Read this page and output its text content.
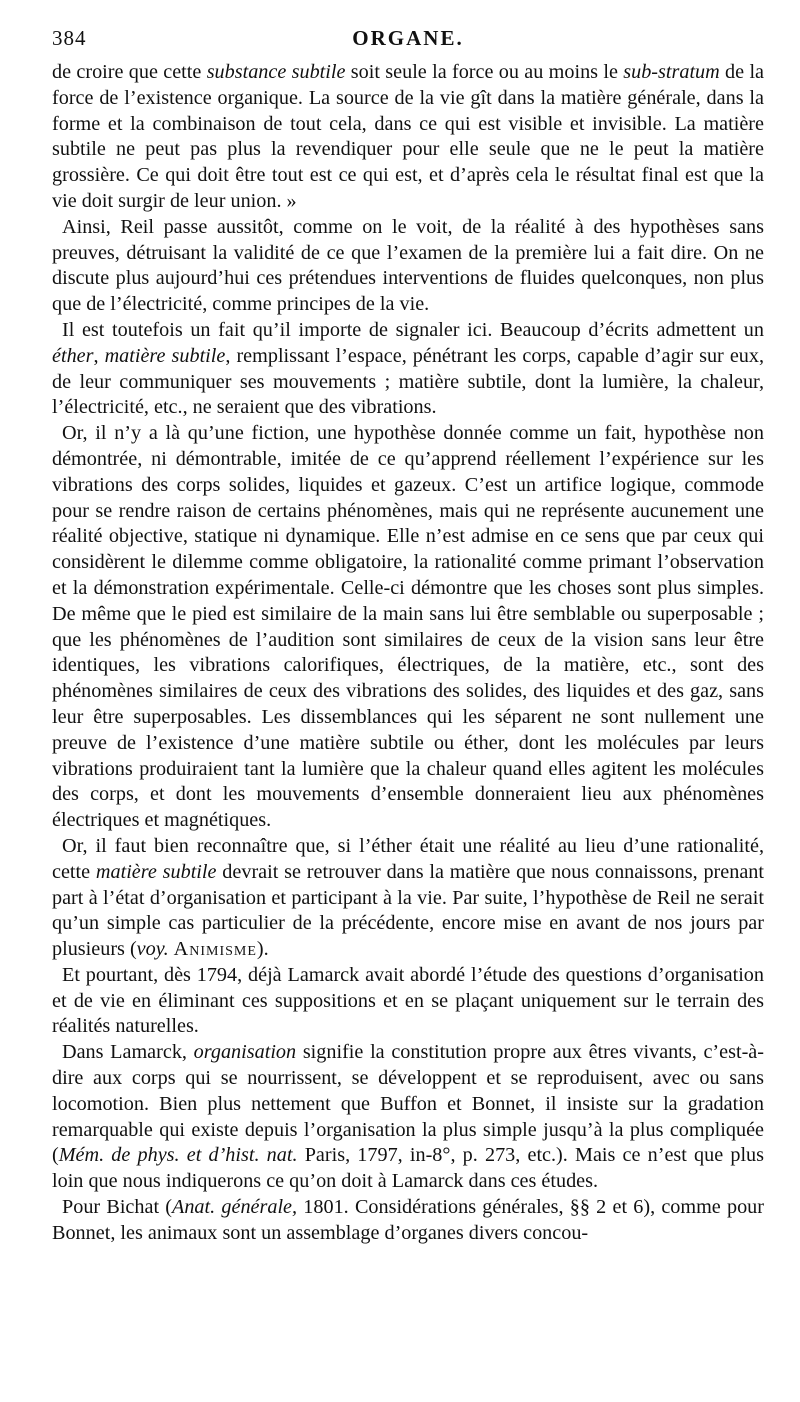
384	ORGANE.

de croire que cette substance subtile soit seule la force ou au moins le sub-stratum de la force de l’existence organique. La source de la vie gît dans la matière générale, dans la forme et la combinaison de tout cela, dans ce qui est visible et invisible. La matière subtile ne peut pas plus la revendiquer pour elle seule que ne le peut la matière grossière. Ce qui doit être tout est ce qui est, et d’après cela le résultat final est que la vie doit surgir de leur union. »

Ainsi, Reil passe aussitôt, comme on le voit, de la réalité à des hypothèses sans preuves, détruisant la validité de ce que l’examen de la première lui a fait dire. On ne discute plus aujourd’hui ces prétendues interventions de fluides quelconques, non plus que de l’électricité, comme principes de la vie.

Il est toutefois un fait qu’il importe de signaler ici. Beaucoup d’écrits admettent un éther, matière subtile, remplissant l’espace, pénétrant les corps, capable d’agir sur eux, de leur communiquer ses mouvements ; matière subtile, dont la lumière, la chaleur, l’électricité, etc., ne seraient que des vibrations.

Or, il n’y a là qu’une fiction, une hypothèse donnée comme un fait, hypothèse non démontrée, ni démontrable, imitée de ce qu’apprend réellement l’expérience sur les vibrations des corps solides, liquides et gazeux. C’est un artifice logique, commode pour se rendre raison de certains phénomènes, mais qui ne représente aucunement une réalité objective, statique ni dynamique. Elle n’est admise en ce sens que par ceux qui considèrent le dilemme comme obligatoire, la rationalité comme primant l’observation et la démonstration expérimentale. Celle-ci démontre que les choses sont plus simples. De même que le pied est similaire de la main sans lui être semblable ou superposable ; que les phénomènes de l’audition sont similaires de ceux de la vision sans leur être identiques, les vibrations calorifiques, électriques, de la matière, etc., sont des phénomènes similaires de ceux des vibrations des solides, des liquides et des gaz, sans leur être superposables. Les dissemblances qui les séparent ne sont nullement une preuve de l’existence d’une matière subtile ou éther, dont les molécules par leurs vibrations produiraient tant la lumière que la chaleur quand elles agitent les molécules des corps, et dont les mouvements d’ensemble donneraient lieu aux phénomènes électriques et magnétiques.

Or, il faut bien reconnaître que, si l’éther était une réalité au lieu d’une rationalité, cette matière subtile devrait se retrouver dans la matière que nous connaissons, prenant part à l’état d’organisation et participant à la vie. Par suite, l’hypothèse de Reil ne serait qu’un simple cas particulier de la précédente, encore mise en avant de nos jours par plusieurs (voy. Animisme).

Et pourtant, dès 1794, déjà Lamarck avait abordé l’étude des questions d’organisation et de vie en éliminant ces suppositions et en se plaçant uniquement sur le terrain des réalités naturelles.

Dans Lamarck, organisation signifie la constitution propre aux êtres vivants, c’est-à-dire aux corps qui se nourrissent, se développent et se reproduisent, avec ou sans locomotion. Bien plus nettement que Buffon et Bonnet, il insiste sur la gradation remarquable qui existe depuis l’organisation la plus simple jusqu’à la plus compliquée (Mém. de phys. et d’hist. nat. Paris, 1797, in-8°, p. 273, etc.). Mais ce n’est que plus loin que nous indiquerons ce qu’on doit à Lamarck dans ces études.

Pour Bichat (Anat. générale, 1801. Considérations générales, §§ 2 et 6), comme pour Bonnet, les animaux sont un assemblage d’organes divers concou-
